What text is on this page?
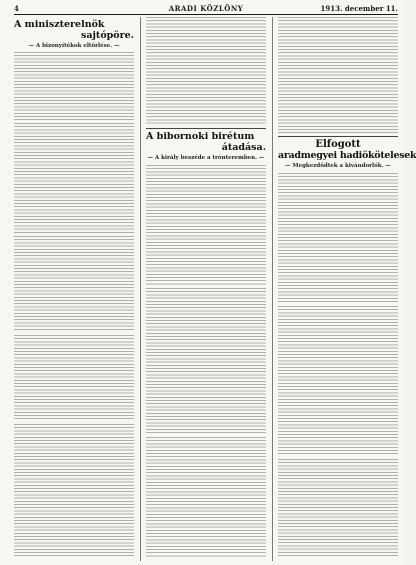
4	ARADI KÖZLÖNY	1913. december 11.
A miniszterelnök
sajtópöre.
— A bizonyítékok eltörlése. —
A bibornoki birétum
átadása.
— A király beszéde a trónteremben. —
Elfogott
aradmegyei hadiökötelesek
— Megkezdődtek a kivándorlók. —
